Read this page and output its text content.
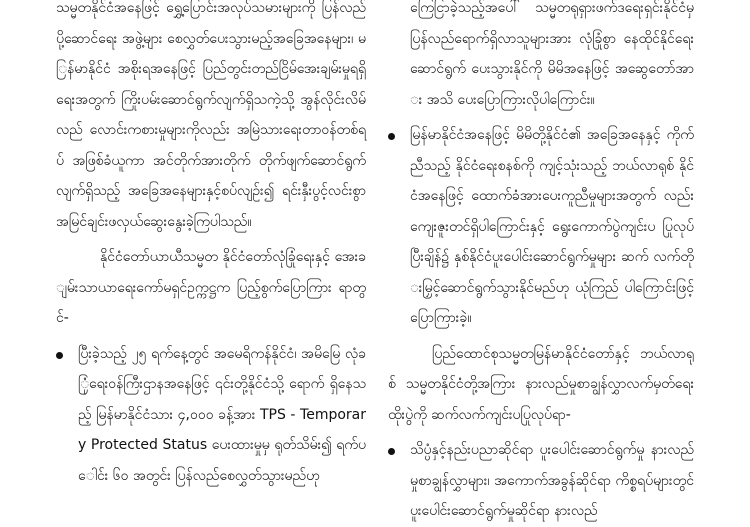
သမ္မတနိုင်ငံအနေဖြင့် ရွှေ့ပြောင်းအလုပ်သမားများကို ပြန်လည်ပို့ဆောင်ရေး အဖွဲ့များ စေလွှတ်ပေးသွားမည့်အခြေအနေများ၊ မြန်မာနိုင်ငံ အစိုးရအနေဖြင့် ပြည်တွင်းတည်ငြိမ်အေးချမ်းမှုရရှိရေးအတွက် ကြိုးပမ်းဆောင်ရွက်လျက်ရှိသကဲ့သို့ အွန်လိုင်းလိမ်လည် လောင်းကစားမှုများကိုလည်း အမြဲသားရေးတာဝန်တစ်ရပ် အဖြစ်ခံယူကာ အင်တိုက်အားတိုက် တိုက်ဖျက်ဆောင်ရွက် လျက်ရှိသည့် အခြေအနေများနှင့်စပ်လျဉ်း၍ ရင်းနှီးပွင့်လင်းစွာ အမြင်ချင်းဖလှယ်ဆွေးနွေးခဲ့ကြပါသည်။

နိုင်ငံတော်ယာယီသမ္မတ နိုင်ငံတော်လုံခြုံရေးနှင့် အေးချမ်းသာယာရေးကော်မရှင်ဥက္ကဋ္ဌက ပြည့်စွက်ပြောကြား ရာတွင်-

ပြီးခဲ့သည့် ၂၅ ရက်နေ့တွင် အမေရိကန်နိုင်ငံ၊ အမိမြေ လုံခြုံရေးဝန်ကြီးဌာနအနေဖြင့် ၎င်းတို့နိုင်ငံသို့ ရောက် ရှိနေသည့် မြန်မာနိုင်ငံသား ၄,၀၀၀ ခန့်အား TPS - Temporary Protected Status ပေးထားမှုမှ ရုတ်သိမ်း၍ ရက်ပေါင်း ၆၀ အတွင်း ပြန်လည်စေလွှတ်သွားမည်ဟု

ကြေငြာခဲ့သည့်အပေါ် သမ္မတရုရှားဖက်ဒရေးရှင်းနိုင်ငံမှ ပြန်လည်ရောက်ရှိလာသူများအား လုံခြုံစွာ နေထိုင်နိုင်ရေး ဆောင်ရွက် ပေးသွားနိုင်ကို မိမိအနေဖြင့် အဆွေတော်အား အသိ ပေးပြောကြားလိုပါကြောင်း။

မြန်မာနိုင်ငံအနေဖြင့် မိမိတို့နိုင်ငံ၏ အခြေအနေနှင့် ကိုက်ညီသည့် နိုင်ငံရေးစနစ်ကို ကျင့်သုံးသည့် ဘယ်လာရုစ် နိုင်ငံအနေဖြင့် ထောက်ခံအားပေးကူညီမှုများအတွက် လည်း ကျေးဇူးတင်ရှိပါကြောင်းနှင့် ရွေးကောက်ပွဲကျင်းပ ပြုလုပ်ပြီးချိန်၌ နှစ်နိုင်ငံပူးပေါင်းဆောင်ရွက်မှုများ ဆက် လက်တိုးမြှင့်ဆောင်ရွက်သွားနိုင်မည်ဟု ယုံကြည် ပါကြောင်းဖြင့် ပြောကြားခဲ့။

ပြည်ထောင်စုသမ္မတမြန်မာနိုင်ငံတော်နှင့် ဘယ်လာရုစ် သမ္မတနိုင်ငံတို့အကြား နားလည်မှုစာချွန်လွှာလက်မှတ်ရေး ထိုးပွဲကို ဆက်လက်ကျင်းပပြုလုပ်ရာ-

သိပ္ပံနှင့်နည်းပညာဆိုင်ရာ ပူးပေါင်းဆောင်ရွက်မှု နားလည်မှုစာချွန်လွှာများ၊ အကောက်အခွန်ဆိုင်ရာ ကိစ္စရပ်များတွင် ပူးပေါင်းဆောင်ရွက်မှုဆိုင်ရာ နားလည်
